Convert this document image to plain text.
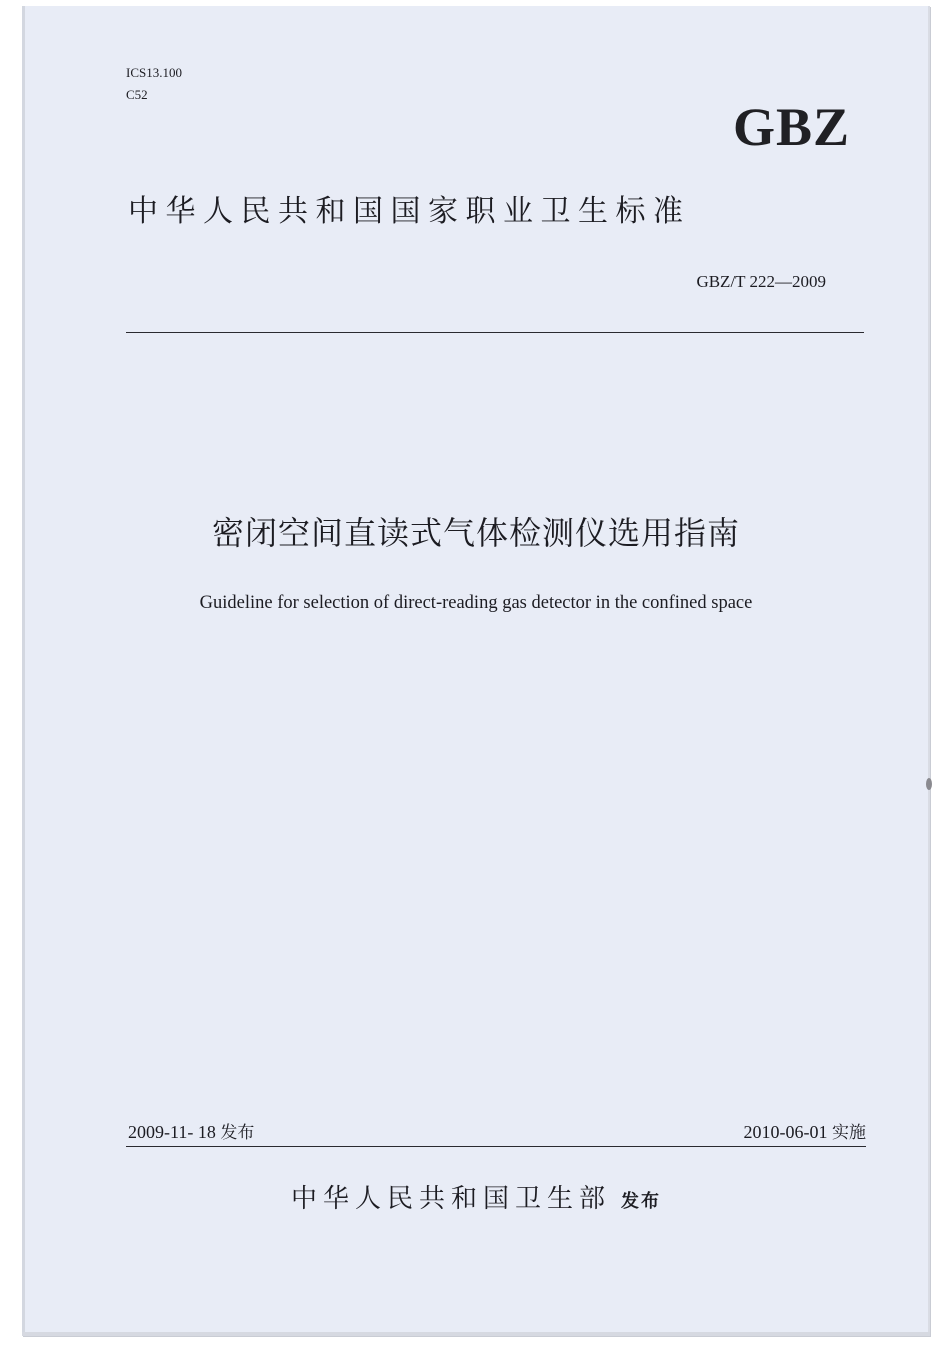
ICS13.100
C52
GBZ
中华人民共和国国家职业卫生标准
GBZ/T 222—2009
密闭空间直读式气体检测仪选用指南
Guideline for selection of direct-reading gas detector in the confined space
2009-11- 18 发布	2010-06-01 实施
中华人民共和国卫生部 发布
